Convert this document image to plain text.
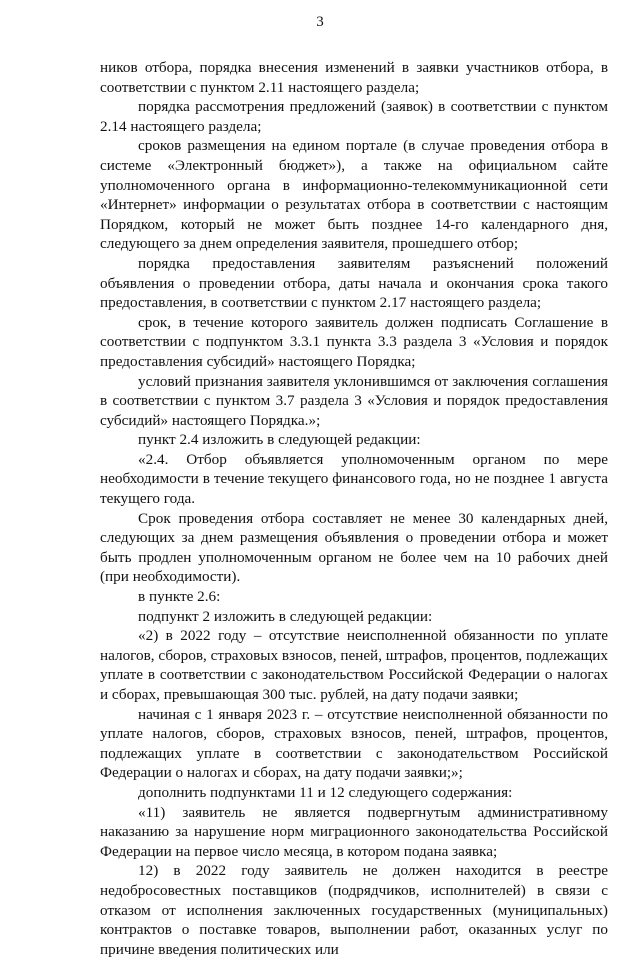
3

ников отбора, порядка внесения изменений в заявки участников отбора, в соответствии с пунктом 2.11 настоящего раздела;

порядка рассмотрения предложений (заявок) в соответствии с пунктом 2.14 настоящего раздела;

сроков размещения на едином портале (в случае проведения отбора в системе «Электронный бюджет»), а также на официальном сайте уполномоченного органа в информационно-телекоммуникационной сети «Интернет» информации о результатах отбора в соответствии с настоящим Порядком, который не может быть позднее 14-го календарного дня, следующего за днем определения заявителя, прошедшего отбор;

порядка предоставления заявителям разъяснений положений объявления о проведении отбора, даты начала и окончания срока такого предоставления, в соответствии с пунктом 2.17 настоящего раздела;

срок, в течение которого заявитель должен подписать Соглашение в соответствии с подпунктом 3.3.1 пункта 3.3 раздела 3 «Условия и порядок предоставления субсидий» настоящего Порядка;

условий признания заявителя уклонившимся от заключения соглашения в соответствии с пунктом 3.7 раздела 3 «Условия и порядок предоставления субсидий» настоящего Порядка.»;

пункт 2.4 изложить в следующей редакции:

«2.4. Отбор объявляется уполномоченным органом по мере необходимости в течение текущего финансового года, но не позднее 1 августа текущего года.

Срок проведения отбора составляет не менее 30 календарных дней, следующих за днем размещения объявления о проведении отбора и может быть продлен уполномоченным органом не более чем на 10 рабочих дней (при необходимости).

в пункте 2.6:

подпункт 2 изложить в следующей редакции:

«2) в 2022 году – отсутствие неисполненной обязанности по уплате налогов, сборов, страховых взносов, пеней, штрафов, процентов, подлежащих уплате в соответствии с законодательством Российской Федерации о налогах и сборах, превышающая 300 тыс. рублей, на дату подачи заявки;

начиная с 1 января 2023 г. – отсутствие неисполненной обязанности по уплате налогов, сборов, страховых взносов, пеней, штрафов, процентов, подлежащих уплате в соответствии с законодательством Российской Федерации о налогах и сборах, на дату подачи заявки;»;

дополнить подпунктами 11 и 12 следующего содержания:

«11) заявитель не является подвергнутым административному наказанию за нарушение норм миграционного законодательства Российской Федерации на первое число месяца, в котором подана заявка;

12) в 2022 году заявитель не должен находится в реестре недобросовестных поставщиков (подрядчиков, исполнителей) в связи с отказом от исполнения заключенных государственных (муниципальных) контрактов о поставке товаров, выполнении работ, оказанных услуг по причине введения политических или
